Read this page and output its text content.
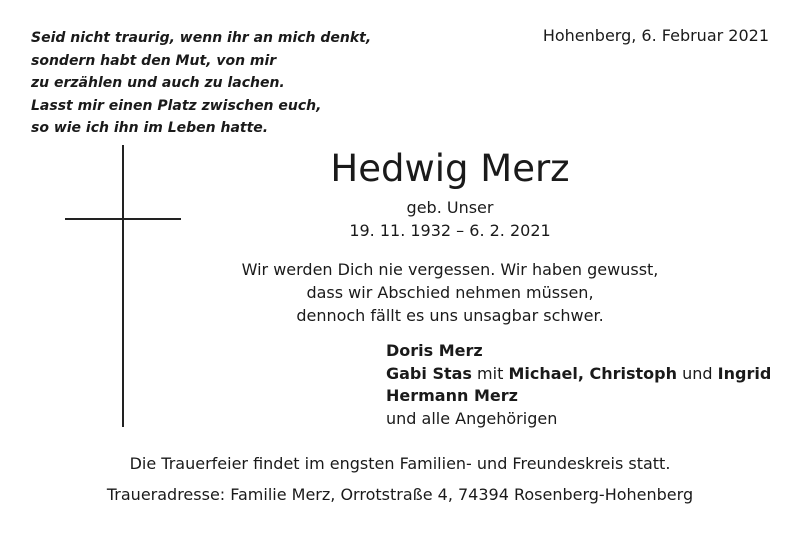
Seid nicht traurig, wenn ihr an mich denkt,
sondern habt den Mut, von mir
zu erzählen und auch zu lachen.
Lasst mir einen Platz zwischen euch,
so wie ich ihn im Leben hatte.
Hohenberg, 6. Februar 2021
Hedwig Merz
geb. Unser
19. 11. 1932 – 6. 2. 2021
Wir werden Dich nie vergessen. Wir haben gewusst,
dass wir Abschied nehmen müssen,
dennoch fällt es uns unsagbar schwer.
Doris Merz
Gabi Stas mit Michael, Christoph und Ingrid
Hermann Merz
und alle Angehörigen
Die Trauerfeier findet im engsten Familien- und Freundeskreis statt.
Traueradresse: Familie Merz, Orrotstraße 4, 74394 Rosenberg-Hohenberg
